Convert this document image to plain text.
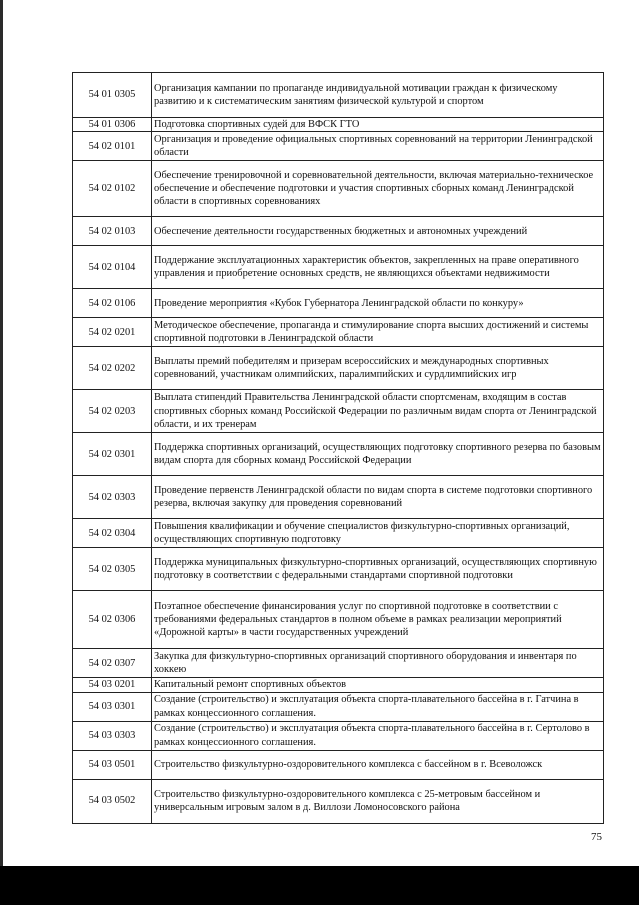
54 01 0305	Организация кампании по пропаганде индивидуальной мотивации граждан к физическому развитию и к систематическим занятиям физической культурой и спортом
54 01 0306	Подготовка спортивных судей для ВФСК ГТО
54 02 0101	Организация и проведение официальных спортивных соревнований на территории Ленинградской области
54 02 0102	Обеспечение тренировочной и соревновательной деятельности, включая материально-техническое обеспечение и обеспечение подготовки и участия спортивных сборных команд Ленинградской области в спортивных соревнованиях
54 02 0103	Обеспечение деятельности государственных бюджетных и автономных учреждений
54 02 0104	Поддержание эксплуатационных характеристик объектов, закрепленных на праве оперативного управления и приобретение основных средств, не являющихся объектами недвижимости
54 02 0106	Проведение мероприятия «Кубок Губернатора Ленинградской области по конкуру»
54 02 0201	Методическое обеспечение, пропаганда и стимулирование спорта высших достижений и системы спортивной подготовки в Ленинградской области
54 02 0202	Выплаты премий победителям и призерам всероссийских и международных спортивных соревнований, участникам олимпийских, паралимпийских и сурдлимпийских игр
54 02 0203	Выплата стипендий Правительства Ленинградской области спортсменам, входящим в состав спортивных сборных команд Российской Федерации по различным видам спорта от Ленинградской области, и их тренерам
54 02 0301	Поддержка спортивных организаций, осуществляющих подготовку спортивного резерва по базовым видам спорта для сборных команд Российской Федерации
54 02 0303	Проведение первенств Ленинградской области по видам спорта в системе подготовки спортивного резерва, включая закупку для проведения соревнований
54 02 0304	Повышения квалификации и обучение специалистов физкультурно-спортивных организаций, осуществляющих спортивную подготовку
54 02 0305	Поддержка муниципальных физкультурно-спортивных организаций, осуществляющих спортивную подготовку в соответствии с федеральными стандартами спортивной подготовки
54 02 0306	Поэтапное обеспечение финансирования услуг по спортивной подготовке в соответствии с требованиями федеральных стандартов в полном объеме в рамках реализации мероприятий «Дорожной карты» в части государственных учреждений
54 02 0307	Закупка для физкультурно-спортивных организаций спортивного оборудования и инвентаря по хоккею
54 03 0201	Капитальный ремонт спортивных объектов
54 03 0301	Создание (строительство) и эксплуатация объекта спорта-плавательного бассейна в г. Гатчина в рамках концессионного соглашения.
54 03 0303	Создание (строительство) и эксплуатация объекта спорта-плавательного бассейна в г. Сертолово в рамках концессионного соглашения.
54 03 0501	Строительство физкультурно-оздоровительного комплекса с бассейном в г. Всеволожск
54 03 0502	Строительство физкультурно-оздоровительного комплекса с 25-метровым бассейном и универсальным игровым залом в д. Виллози Ломоносовского района
75
